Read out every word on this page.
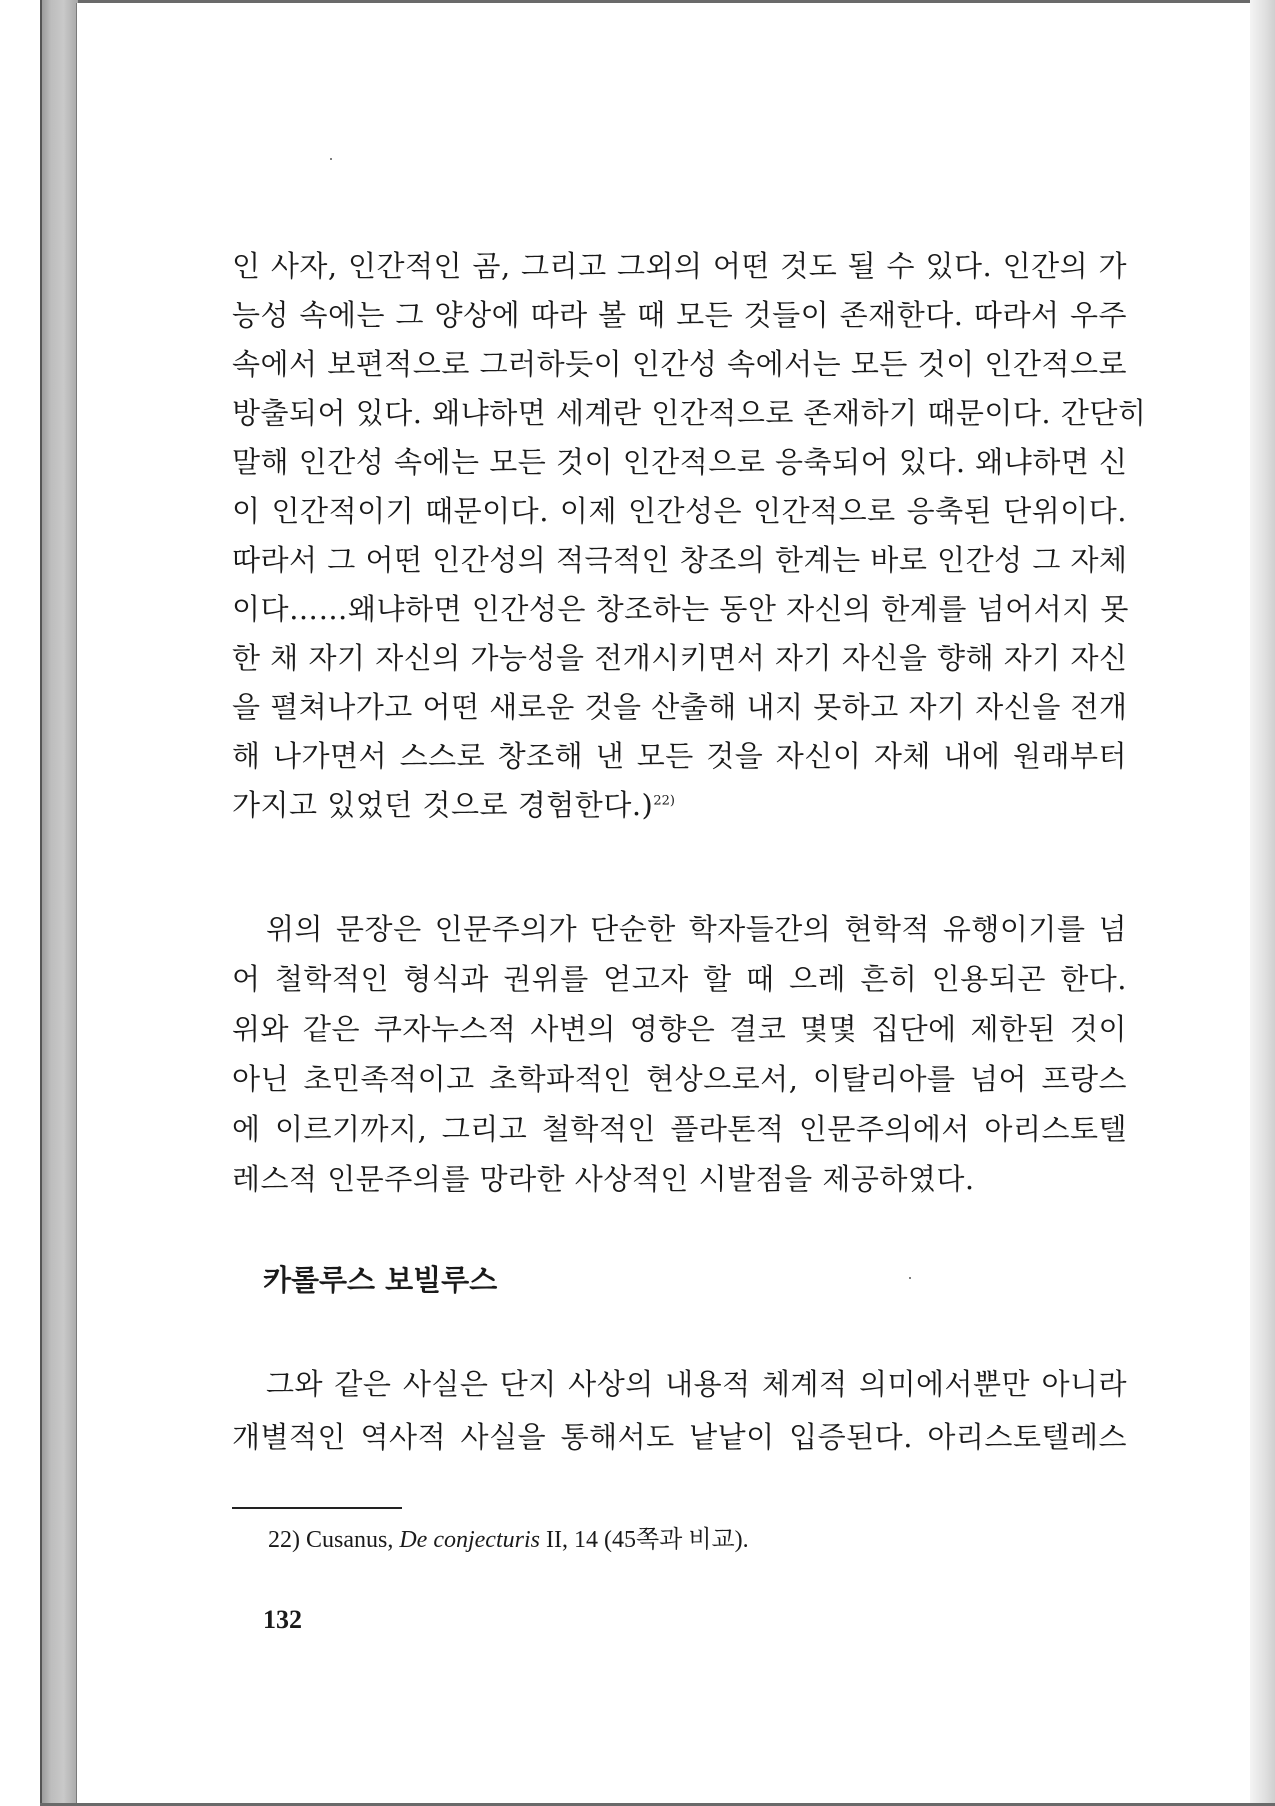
인 사자, 인간적인 곰, 그리고 그외의 어떤 것도 될 수 있다. 인간의 가
능성 속에는 그 양상에 따라 볼 때 모든 것들이 존재한다. 따라서 우주
속에서 보편적으로 그러하듯이 인간성 속에서는 모든 것이 인간적으로
방출되어 있다. 왜냐하면 세계란 인간적으로 존재하기 때문이다. 간단히
말해 인간성 속에는 모든 것이 인간적으로 응축되어 있다. 왜냐하면 신
이 인간적이기 때문이다. 이제 인간성은 인간적으로 응축된 단위이다.
따라서 그 어떤 인간성의 적극적인 창조의 한계는 바로 인간성 그 자체
이다……왜냐하면 인간성은 창조하는 동안 자신의 한계를 넘어서지 못
한 채 자기 자신의 가능성을 전개시키면서 자기 자신을 향해 자기 자신
을 펼쳐나가고 어떤 새로운 것을 산출해 내지 못하고 자기 자신을 전개
해 나가면서 스스로 창조해 낸 모든 것을 자신이 자체 내에 원래부터
가지고 있었던 것으로 경험한다.)$^{22)}$
위의 문장은 인문주의가 단순한 학자들간의 현학적 유행이기를 넘
어 철학적인 형식과 권위를 얻고자 할 때 으레 흔히 인용되곤 한다.
위와 같은 쿠자누스적 사변의 영향은 결코 몇몇 집단에 제한된 것이
아닌 초민족적이고 초학파적인 현상으로서, 이탈리아를 넘어 프랑스
에 이르기까지, 그리고 철학적인 플라톤적 인문주의에서 아리스토텔
레스적 인문주의를 망라한 사상적인 시발점을 제공하였다.
카롤루스 보빌루스
그와 같은 사실은 단지 사상의 내용적 체계적 의미에서뿐만 아니라
개별적인 역사적 사실을 통해서도 낱낱이 입증된다. 아리스토텔레스
22) Cusanus, De conjecturis II, 14 (45쪽과 비교).
132
